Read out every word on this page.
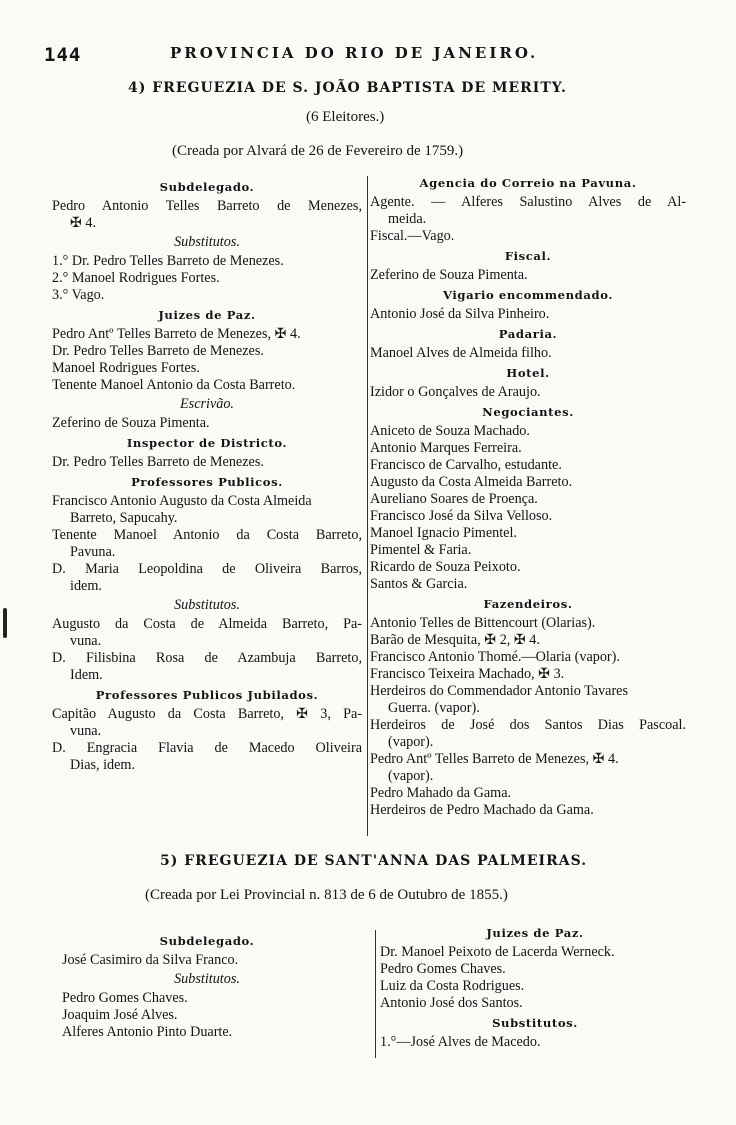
144	PROVINCIA DO RIO DE JANEIRO.
4) FREGUEZIA DE S. JOÃO BAPTISTA DE MERITY.
(6 Eleitores.)
(Creada por Alvará de 26 de Fevereiro de 1759.)
Subdelegado.
Pedro Antonio Telles Barreto de Menezes,
✠ 4.
Substitutos.
1.° Dr. Pedro Telles Barreto de Menezes.
2.° Manoel Rodrigues Fortes.
3.° Vago.
Juizes de Paz.
Pedro Antº Telles Barreto de Menezes, ✠ 4.
Dr. Pedro Telles Barreto de Menezes.
Manoel Rodrigues Fortes.
Tenente Manoel Antonio da Costa Barreto.
Escrivão.
Zeferino de Souza Pimenta.
Inspector de Districto.
Dr. Pedro Telles Barreto de Menezes.
Professores Publicos.
Francisco Antonio Augusto da Costa Almeida
Barreto, Sapucahy.
Tenente Manoel Antonio da Costa Barreto,
Pavuna.
D. Maria Leopoldina de Oliveira Barros,
idem.
Substitutos.
Augusto da Costa de Almeida Barreto, Pa-
vuna.
D. Filisbina Rosa de Azambuja Barreto,
Idem.
Professores Publicos Jubilados.
Capitão Augusto da Costa Barreto, ✠ 3, Pa-
vuna.
D. Engracia Flavia de Macedo Oliveira
Dias, idem.
Agencia do Correio na Pavuna.
Agente. — Alferes Salustino Alves de Al-
meida.
Fiscal.—Vago.
Fiscal.
Zeferino de Souza Pimenta.
Vigario encommendado.
Antonio José da Silva Pinheiro.
Padaria.
Manoel Alves de Almeida filho.
Hotel.
Izidor o Gonçalves de Araujo.
Negociantes.
Aniceto de Souza Machado.
Antonio Marques Ferreira.
Francisco de Carvalho, estudante.
Augusto da Costa Almeida Barreto.
Aureliano Soares de Proença.
Francisco José da Silva Velloso.
Manoel Ignacio Pimentel.
Pimentel & Faria.
Ricardo de Souza Peixoto.
Santos & Garcia.
Fazendeiros.
Antonio Telles de Bittencourt (Olarias).
Barão de Mesquita, ✠ 2, ✠ 4.
Francisco Antonio Thomé.—Olaria (vapor).
Francisco Teixeira Machado, ✠ 3.
Herdeiros do Commendador Antonio Tavares
Guerra. (vapor).
Herdeiros de José dos Santos Dias Pascoal.
(vapor).
Pedro Antº Telles Barreto de Menezes, ✠ 4.
(vapor).
Pedro Mahado da Gama.
Herdeiros de Pedro Machado da Gama.
5) FREGUEZIA DE SANT'ANNA DAS PALMEIRAS.
(Creada por Lei Provincial n. 813 de 6 de Outubro de 1855.)
Subdelegado.
José Casimiro da Silva Franco.
Substitutos.
Pedro Gomes Chaves.
Joaquim José Alves.
Alferes Antonio Pinto Duarte.
Juizes de Paz.
Dr. Manoel Peixoto de Lacerda Werneck.
Pedro Gomes Chaves.
Luiz da Costa Rodrigues.
Antonio José dos Santos.
Substitutos.
1.°—José Alves de Macedo.
